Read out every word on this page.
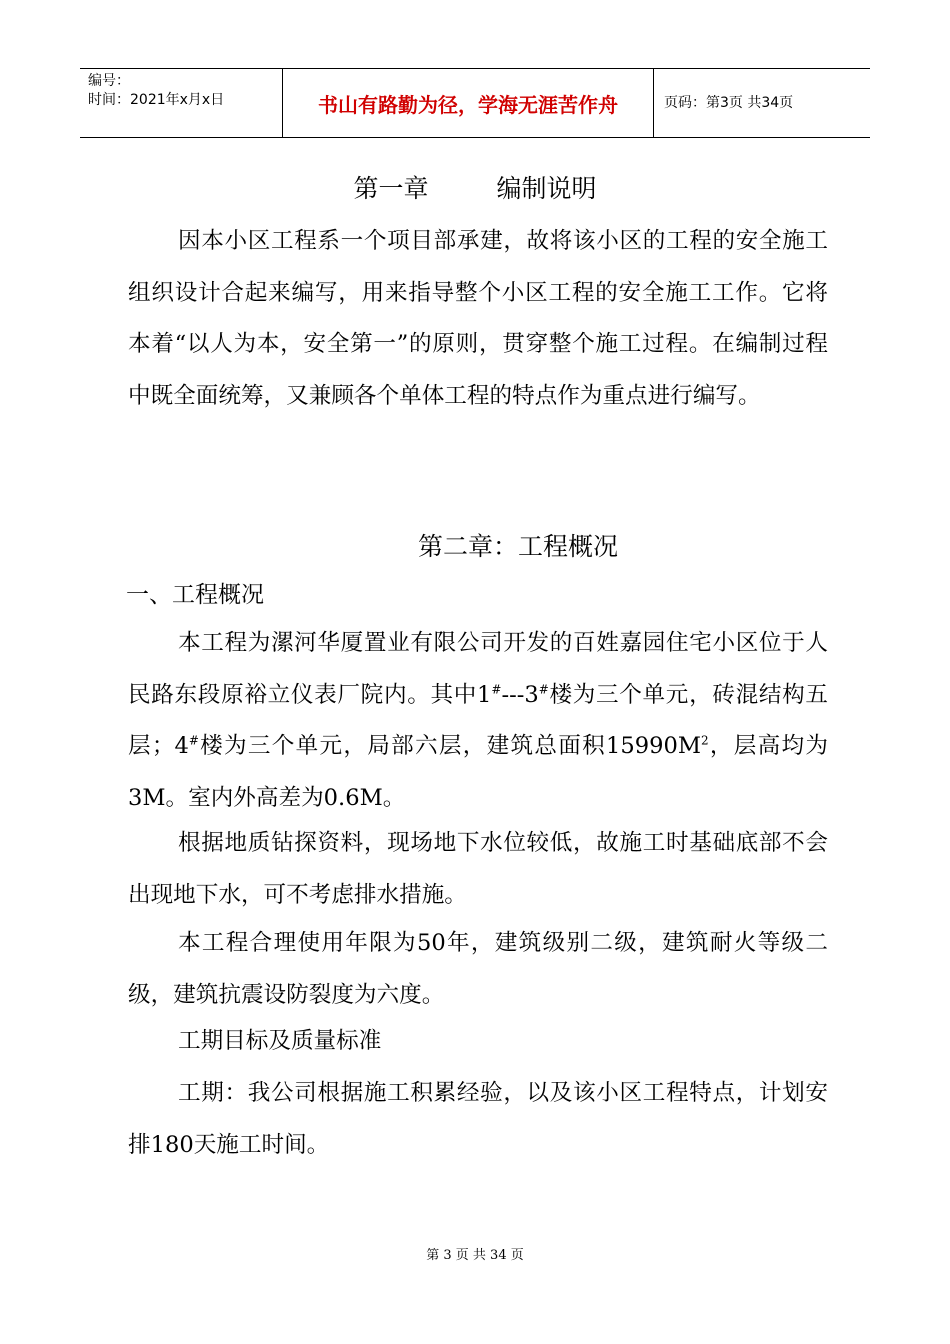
编号：
时间：2021年x月x日	书山有路勤为径，学海无涯苦作舟	页码：第3页 共34页
第一章	编制说明

因本小区工程系一个项目部承建，故将该小区的工程的安全施工组织设计合起来编写，用来指导整个小区工程的安全施工工作。它将本着“以人为本，安全第一”的原则，贯穿整个施工过程。在编制过程中既全面统筹，又兼顾各个单体工程的特点作为重点进行编写。

第二章：工程概况
一、工程概况

本工程为漯河华厦置业有限公司开发的百姓嘉园住宅小区位于人民路东段原裕立仪表厂院内。其中1#---3#楼为三个单元，砖混结构五层；4#楼为三个单元，局部六层，建筑总面积$15990M^2$，层高均为3M。室内外高差为0.6M。

根据地质钻探资料，现场地下水位较低，故施工时基础底部不会出现地下水，可不考虑排水措施。

本工程合理使用年限为50年，建筑级别二级，建筑耐火等级二级，建筑抗震设防裂度为六度。

工期目标及质量标准

工期：我公司根据施工积累经验，以及该小区工程特点，计划安排180天施工时间。

第 3 页 共 34 页
